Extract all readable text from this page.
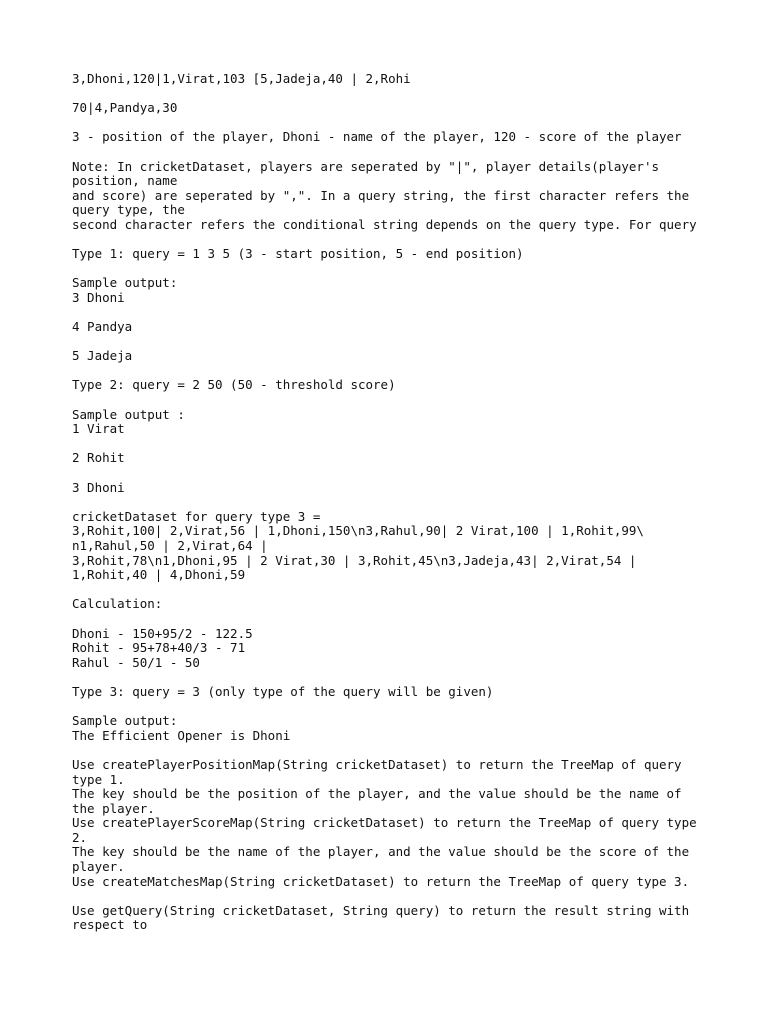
3,Dhoni,120|1,Virat,103 [5,Jadeja,40 | 2,Rohi
70|4,Pandya,30
3 - position of the player, Dhoni - name of the player, 120 - score of the player
Note: In cricketDataset, players are seperated by "|", player details(player's
position, name
and score) are seperated by ",". In a query string, the first character refers the
query type, the
second character refers the conditional string depends on the query type. For query
Type 1: query = 1 3 5 (3 - start position, 5 - end position)
Sample output:
3 Dhoni
4 Pandya
5 Jadeja
Type 2: query = 2 50 (50 - threshold score)
Sample output :
1 Virat
2 Rohit
3 Dhoni
cricketDataset for query type 3 =
3,Rohit,100| 2,Virat,56 | 1,Dhoni,150\n3,Rahul,90| 2 Virat,100 | 1,Rohit,99\
n1,Rahul,50 | 2,Virat,64 |
3,Rohit,78\n1,Dhoni,95 | 2 Virat,30 | 3,Rohit,45\n3,Jadeja,43| 2,Virat,54 |
1,Rohit,40 | 4,Dhoni,59
Calculation:
Dhoni - 150+95/2 - 122.5
Rohit - 95+78+40/3 - 71
Rahul - 50/1 - 50
Type 3: query = 3 (only type of the query will be given)
Sample output:
The Efficient Opener is Dhoni
Use createPlayerPositionMap(String cricketDataset) to return the TreeMap of query
type 1.
The key should be the position of the player, and the value should be the name of
the player.
Use createPlayerScoreMap(String cricketDataset) to return the TreeMap of query type
2.
The key should be the name of the player, and the value should be the score of the
player.
Use createMatchesMap(String cricketDataset) to return the TreeMap of query type 3.
Use getQuery(String cricketDataset, String query) to return the result string with
respect to
